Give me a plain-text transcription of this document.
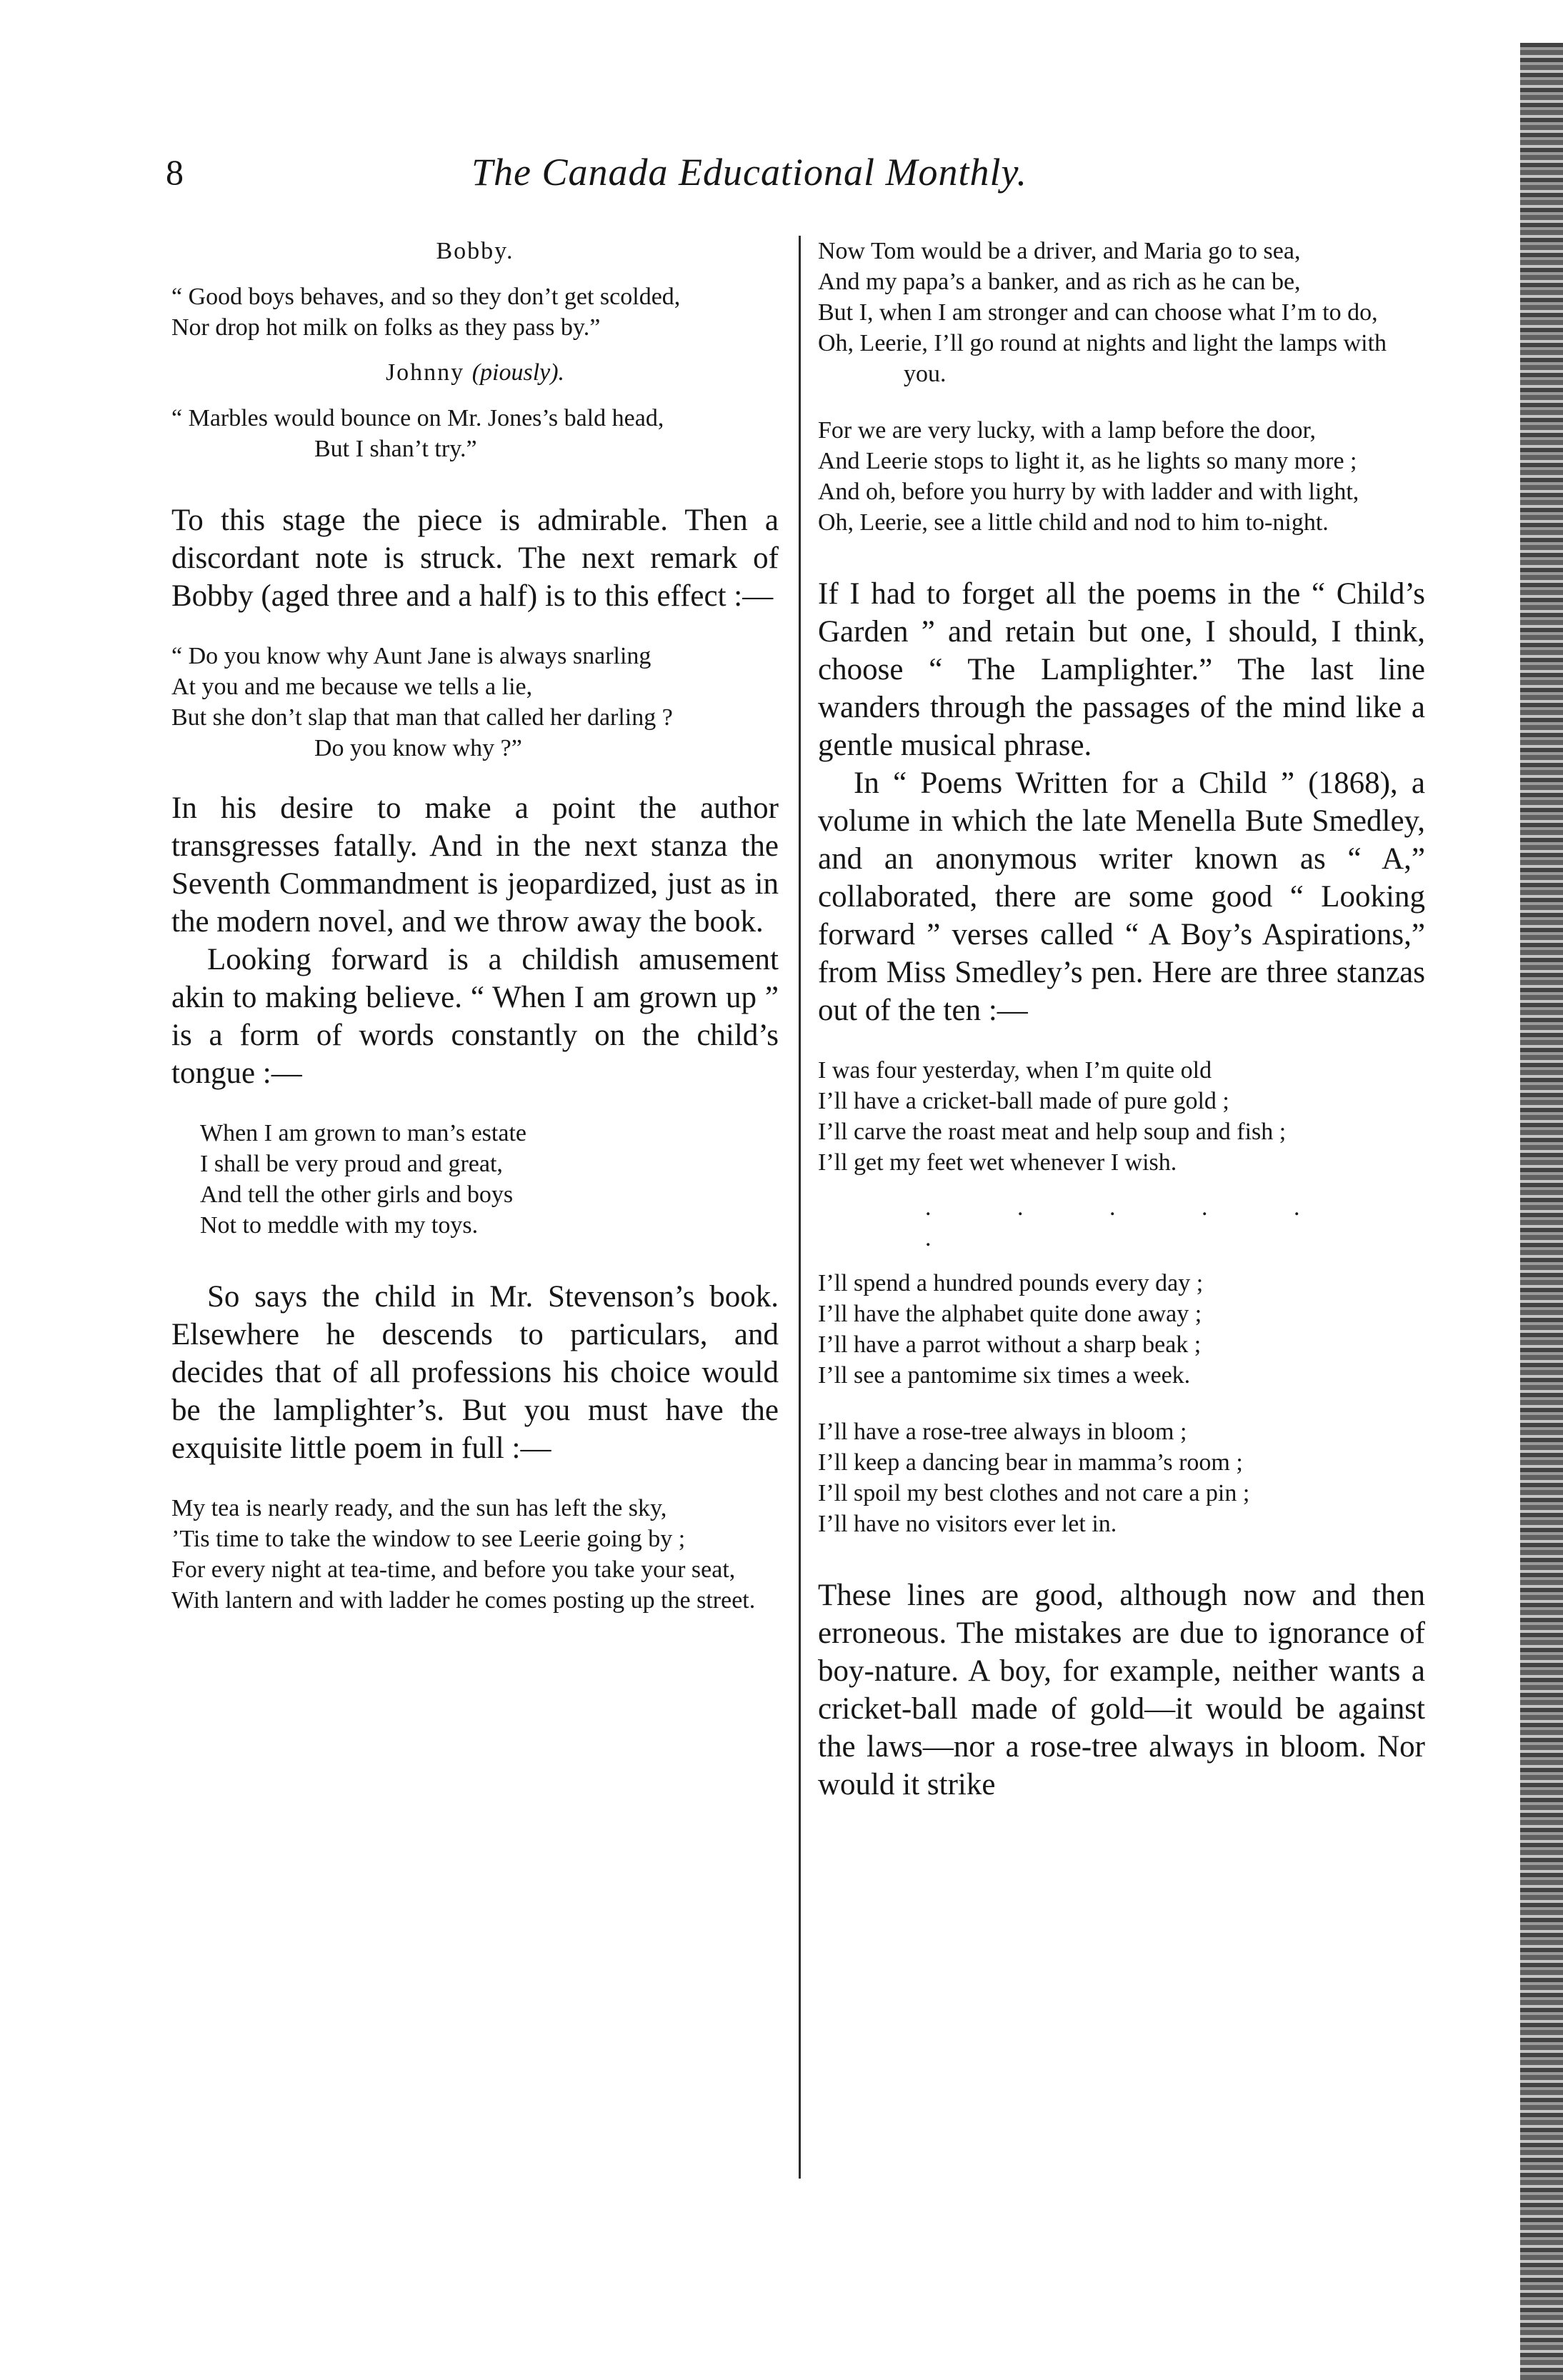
8	The Canada Educational Monthly.
Bobby.
“ Good boys behaves, and so they don’t get scolded,
Nor drop hot milk on folks as they pass by.”
Johnny (piously).
“ Marbles would bounce on Mr. Jones’s bald head,
But I shan’t try.”

To this stage the piece is admirable. Then a discordant note is struck. The next remark of Bobby (aged three and a half) is to this effect :—

“ Do you know why Aunt Jane is always snarling
At you and me because we tells a lie,
But she don’t slap that man that called her darling ?
Do you know why ?”

In his desire to make a point the author transgresses fatally. And in the next stanza the Seventh Commandment is jeopardized, just as in the modern novel, and we throw away the book.

Looking forward is a childish amusement akin to making believe. “ When I am grown up ” is a form of words constantly on the child’s tongue :—

When I am grown to man’s estate
I shall be very proud and great,
And tell the other girls and boys
Not to meddle with my toys.

So says the child in Mr. Stevenson’s book. Elsewhere he descends to particulars, and decides that of all professions his choice would be the lamplighter’s. But you must have the exquisite little poem in full :—

My tea is nearly ready, and the sun has left the sky,
’Tis time to take the window to see Leerie going by ;
For every night at tea-time, and before you take your seat,
With lantern and with ladder he comes posting up the street.
Now Tom would be a driver, and Maria go to sea,
And my papa’s a banker, and as rich as he can be,
But I, when I am stronger and can choose what I’m to do,
Oh, Leerie, I’ll go round at nights and light the lamps with you.
For we are very lucky, with a lamp before the door,
And Leerie stops to light it, as he lights so many more ;
And oh, before you hurry by with ladder and with light,
Oh, Leerie, see a little child and nod to him to-night.

If I had to forget all the poems in the “ Child’s Garden ” and retain but one, I should, I think, choose “ The Lamplighter.” The last line wanders through the passages of the mind like a gentle musical phrase.

In “ Poems Written for a Child ” (1868), a volume in which the late Menella Bute Smedley, and an anonymous writer known as “ A,” collaborated, there are some good “ Looking forward ” verses called “ A Boy’s Aspirations,” from Miss Smedley’s pen. Here are three stanzas out of the ten :—

I was four yesterday, when I’m quite old
I’ll have a cricket-ball made of pure gold ;
I’ll carve the roast meat and help soup and fish ;
I’ll get my feet wet whenever I wish.
. . . . . .
I’ll spend a hundred pounds every day ;
I’ll have the alphabet quite done away ;
I’ll have a parrot without a sharp beak ;
I’ll see a pantomime six times a week.
I’ll have a rose-tree always in bloom ;
I’ll keep a dancing bear in mamma’s room ;
I’ll spoil my best clothes and not care a pin ;
I’ll have no visitors ever let in.

These lines are good, although now and then erroneous. The mistakes are due to ignorance of boy-nature. A boy, for example, neither wants a cricket-ball made of gold—it would be against the laws—nor a rose-tree always in bloom. Nor would it strike
